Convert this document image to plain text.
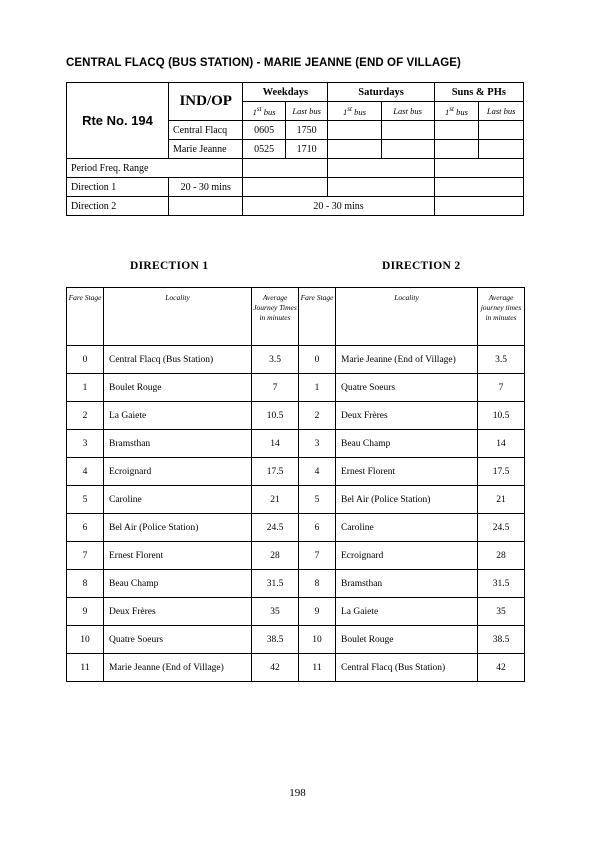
CENTRAL FLACQ (BUS STATION) - MARIE JEANNE (END OF VILLAGE)
Rte No. 194	IND/OP	Weekdays		Saturdays		Suns & PHs	
		1st bus	Last bus	1st bus	Last bus	1st bus	Last bus
	Central Flacq	0605	1750				
	Marie Jeanne	0525	1710				
Period Freq. Range							
Direction 1	20 - 30 mins						
Direction 2		20 - 30 mins					
DIRECTION 1	DIRECTION 2
Fare Stage	Locality	Average Journey Times in minutes	Fare Stage	Locality	Average journey times in minutes
0	Central Flacq (Bus Station)	3.5	0	Marie Jeanne (End of Village)	3.5
1	Boulet Rouge	7	1	Quatre Soeurs	7
2	La Gaiete	10.5	2	Deux Frères	10.5
3	Bramsthan	14	3	Beau Champ	14
4	Ecroignard	17.5	4	Ernest Florent	17.5
5	Caroline	21	5	Bel Air (Police Station)	21
6	Bel Air (Police Station)	24.5	6	Caroline	24.5
7	Ernest Florent	28	7	Ecroignard	28
8	Beau Champ	31.5	8	Bramsthan	31.5
9	Deux Frères	35	9	La Gaiete	35
10	Quatre Soeurs	38.5	10	Boulet Rouge	38.5
11	Marie Jeanne (End of Village)	42	11	Central Flacq (Bus Station)	42
198
